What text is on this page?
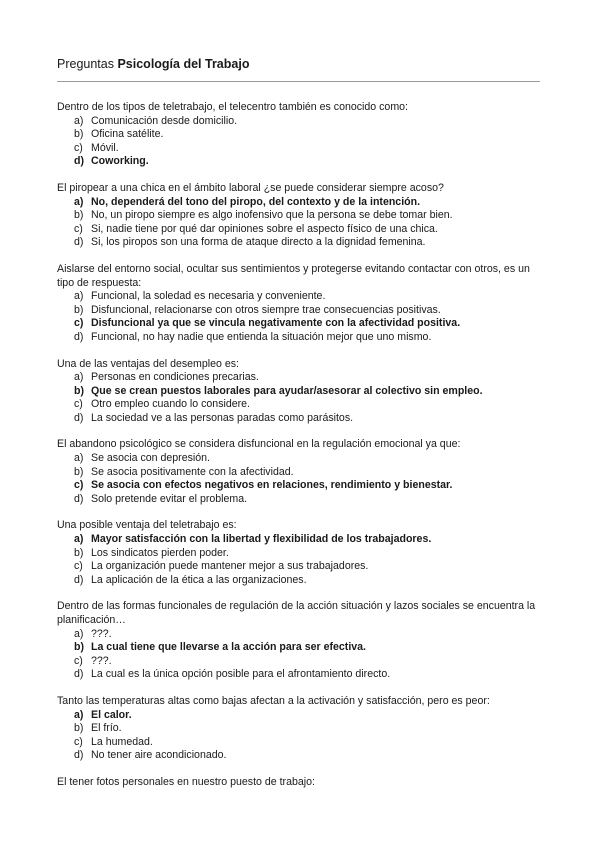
Preguntas Psicología del Trabajo

Dentro de los tipos de teletrabajo, el telecentro también es conocido como:

a) Comunicación desde domicilio.
b) Oficina satélite.
c) Móvil.
d) Coworking.

El piropear a una chica en el ámbito laboral ¿se puede considerar siempre acoso?

a) No, dependerá del tono del piropo, del contexto y de la intención.
b) No, un piropo siempre es algo inofensivo que la persona se debe tomar bien.
c) Si, nadie tiene por qué dar opiniones sobre el aspecto físico de una chica.
d) Si, los piropos son una forma de ataque directo a la dignidad femenina.

Aislarse del entorno social, ocultar sus sentimientos y protegerse evitando contactar con otros, es un tipo de respuesta:

a) Funcional, la soledad es necesaria y conveniente.
b) Disfuncional, relacionarse con otros siempre trae consecuencias positivas.
c) Disfuncional ya que se vincula negativamente con la afectividad positiva.
d) Funcional, no hay nadie que entienda la situación mejor que uno mismo.

Una de las ventajas del desempleo es:

a) Personas en condiciones precarias.
b) Que se crean puestos laborales para ayudar/asesorar al colectivo sin empleo.
c) Otro empleo cuando lo considere.
d) La sociedad ve a las personas paradas como parásitos.

El abandono psicológico se considera disfuncional en la regulación emocional ya que:

a) Se asocia con depresión.
b) Se asocia positivamente con la afectividad.
c) Se asocia con efectos negativos en relaciones, rendimiento y bienestar.
d) Solo pretende evitar el problema.

Una posible ventaja del teletrabajo es:

a) Mayor satisfacción con la libertad y flexibilidad de los trabajadores.
b) Los sindicatos pierden poder.
c) La organización puede mantener mejor a sus trabajadores.
d) La aplicación de la ética a las organizaciones.

Dentro de las formas funcionales de regulación de la acción situación y lazos sociales se encuentra la planificación…

a) ???.
b) La cual tiene que llevarse a la acción para ser efectiva.
c) ???.
d) La cual es la única opción posible para el afrontamiento directo.

Tanto las temperaturas altas como bajas afectan a la activación y satisfacción, pero es peor:

a) El calor.
b) El frío.
c) La humedad.
d) No tener aire acondicionado.

El tener fotos personales en nuestro puesto de trabajo:
